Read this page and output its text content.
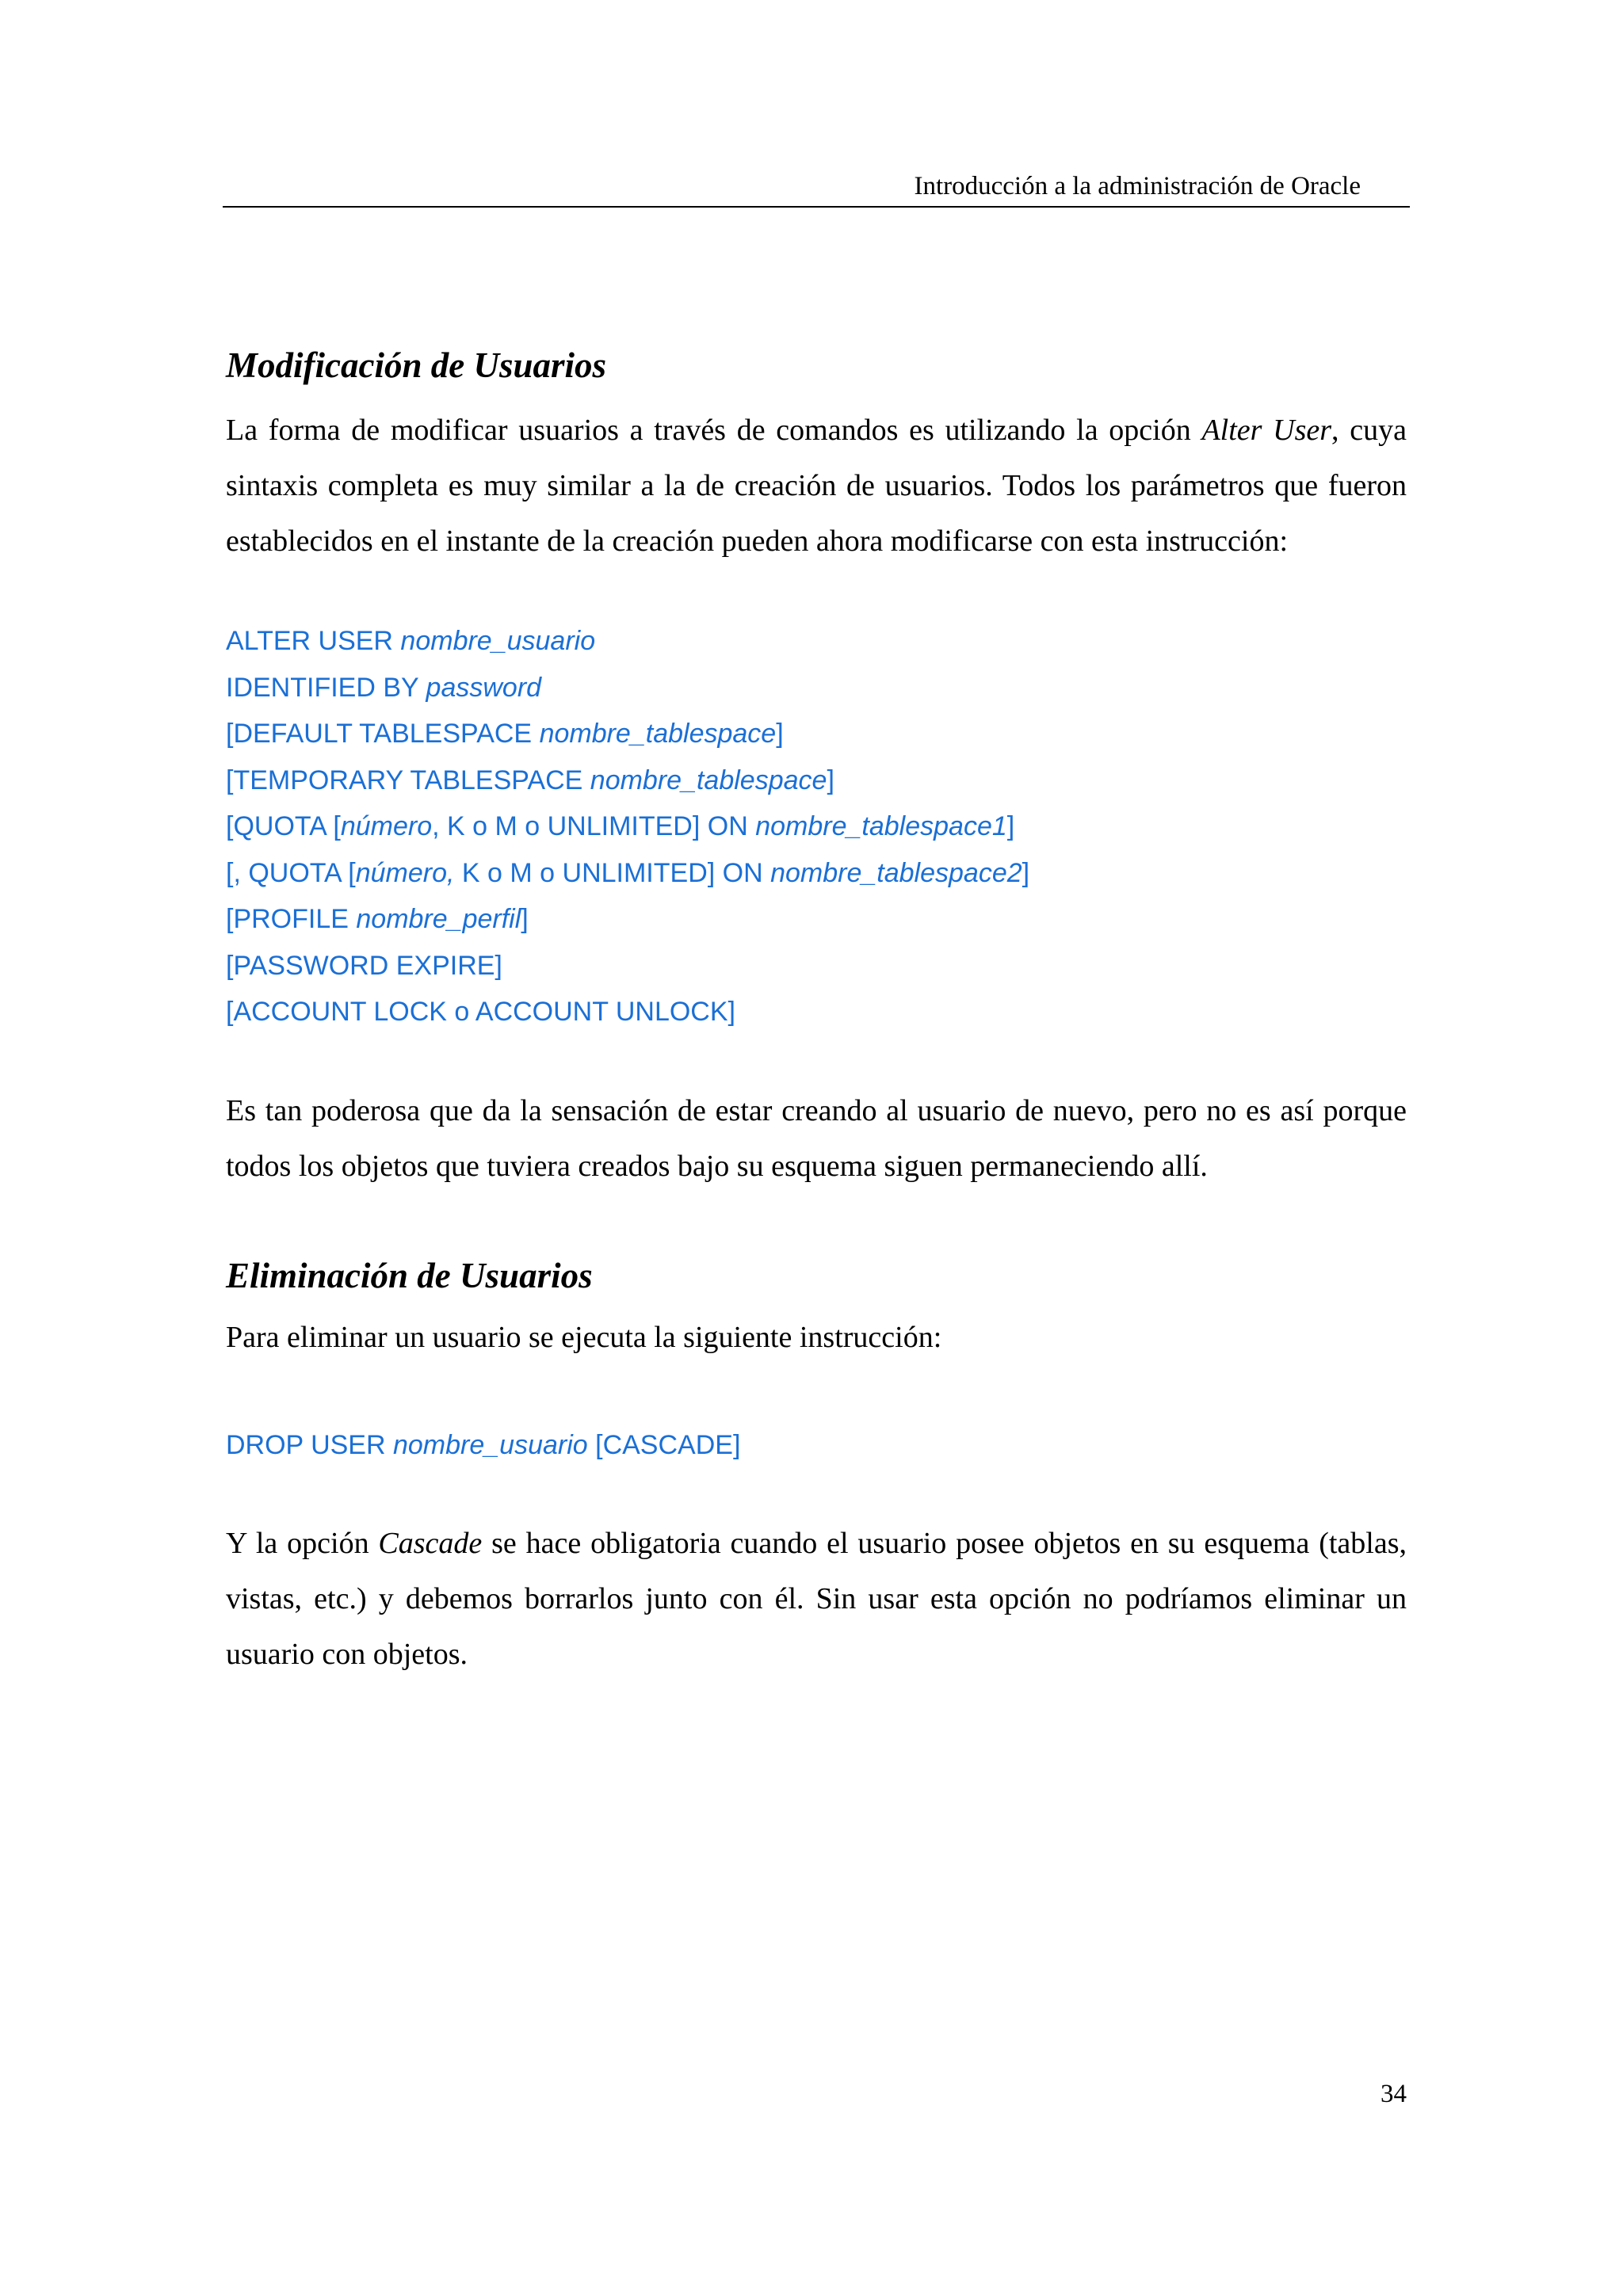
Introducción a la administración de Oracle
Modificación de Usuarios

La forma de modificar usuarios a través de comandos es utilizando la opción Alter User, cuya sintaxis completa es muy similar a la de creación de usuarios. Todos los parámetros que fueron establecidos en el instante de la creación pueden ahora modificarse con esta instrucción:

ALTER USER nombre_usuario
IDENTIFIED BY password
[DEFAULT TABLESPACE nombre_tablespace]
[TEMPORARY TABLESPACE nombre_tablespace]
[QUOTA [número, K o M o UNLIMITED] ON nombre_tablespace1]
[, QUOTA [número, K o M o UNLIMITED] ON nombre_tablespace2]
[PROFILE nombre_perfil]
[PASSWORD EXPIRE]
[ACCOUNT LOCK o ACCOUNT UNLOCK]

Es tan poderosa que da la sensación de estar creando al usuario de nuevo, pero no es así porque todos los objetos que tuviera creados bajo su esquema siguen permaneciendo allí.

Eliminación de Usuarios

Para eliminar un usuario se ejecuta la siguiente instrucción:

DROP USER nombre_usuario [CASCADE]

Y la opción Cascade se hace obligatoria cuando el usuario posee objetos en su esquema (tablas, vistas, etc.) y debemos borrarlos junto con él. Sin usar esta opción no podríamos eliminar un usuario con objetos.

34
